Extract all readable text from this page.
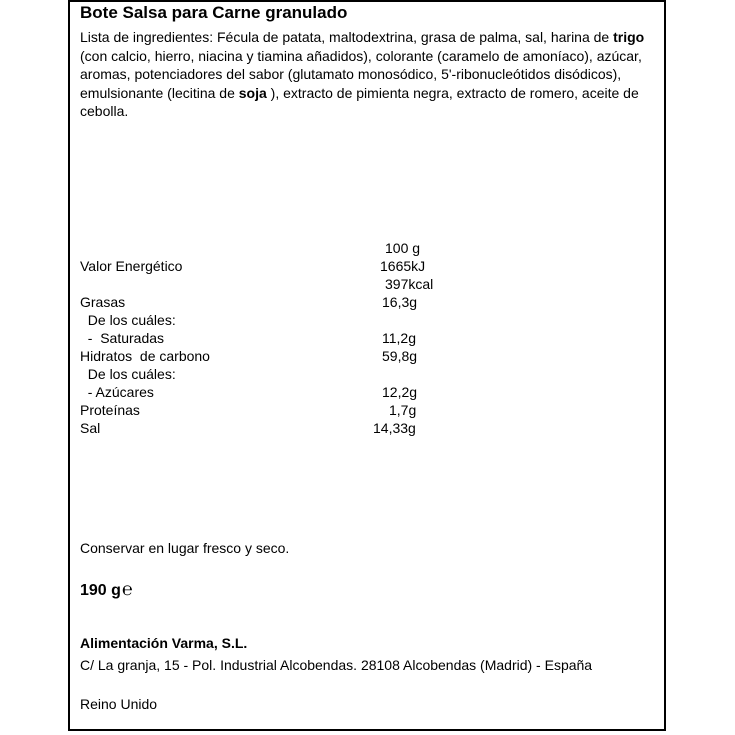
Bote Salsa para Carne granulado
Lista de ingredientes: Fécula de patata, maltodextrina, grasa de palma, sal, harina de trigo (con calcio, hierro, niacina y tiamina añadidos), colorante (caramelo de amoníaco), azúcar, aromas, potenciadores del sabor (glutamato monosódico, 5'-ribonucleótidos disódicos), emulsionante (lecitina de soja ), extracto de pimienta negra, extracto de romero, aceite de cebolla.
100 g
Valor Energético	1665kJ
397kcal
Grasas	16,3g
De los cuáles:
-  Saturadas	11,2g
Hidratos  de carbono	59,8g
De los cuáles:
- Azúcares	12,2g
Proteínas	1,7g
Sal	14,33g
Conservar en lugar fresco y seco.
190 g℮
Alimentación Varma, S.L.
C/ La granja, 15 - Pol. Industrial Alcobendas. 28108 Alcobendas (Madrid) - España
Reino Unido
